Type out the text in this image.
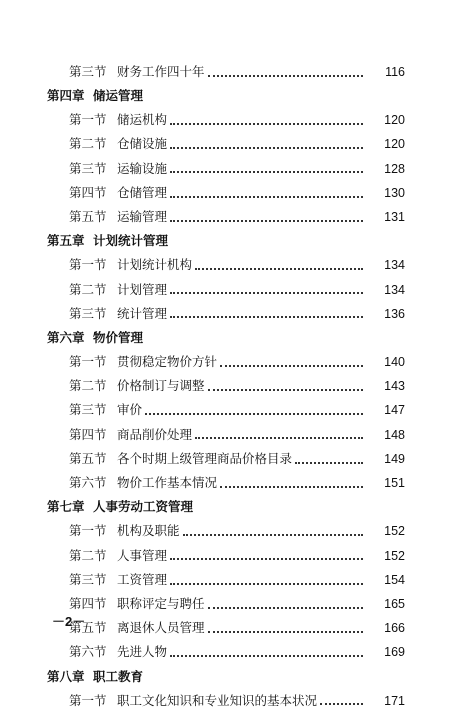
第三节 财务工作四十年	116
第四章 储运管理
第一节 储运机构	120
第二节 仓储设施	120
第三节 运输设施	128
第四节 仓储管理	130
第五节 运输管理	131
第五章 计划统计管理
第一节 计划统计机构	134
第二节 计划管理	134
第三节 统计管理	136
第六章 物价管理
第一节 贯彻稳定物价方针	140
第二节 价格制订与调整	143
第三节 审价	147
第四节 商品削价处理	148
第五节 各个时期上级管理商品价格目录	149
第六节 物价工作基本情况	151
第七章 人事劳动工资管理
第一节 机构及职能	152
第二节 人事管理	152
第三节 工资管理	154
第四节 职称评定与聘任	165
第五节 离退休人员管理	166
第六节 先进人物	169
第八章 职工教育
第一节 职工文化知识和专业知识的基本状况	171
－2－
